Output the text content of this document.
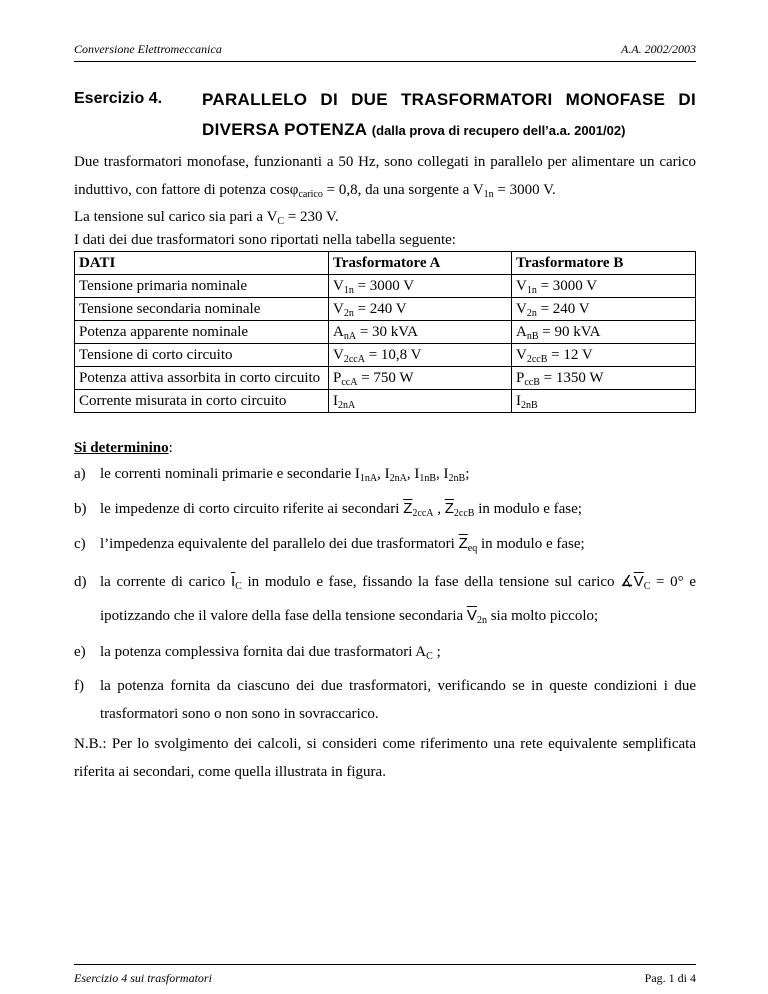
Conversione Elettromeccanica	A.A. 2002/2003
Esercizio 4. PARALLELO DI DUE TRASFORMATORI MONOFASE DI
DIVERSA POTENZA (dalla prova di recupero dell’a.a. 2001/02)
Due trasformatori monofase, funzionanti a 50 Hz, sono collegati in parallelo per alimentare un carico induttivo, con fattore di potenza cosφ$_{carico}$ = 0,8, da una sorgente a $V_{1n} = 3000$ V.
La tensione sul carico sia pari a $V_C = 230$ V.
I dati dei due trasformatori sono riportati nella tabella seguente:
DATI	Trasformatore A	Trasformatore B
Tensione primaria nominale	$V_{1n} = 3000$ V	$V_{1n} = 3000$ V
Tensione secondaria nominale	$V_{2n} = 240$ V	$V_{2n} = 240$ V
Potenza apparente nominale	$A_{nA} = 30$ kVA	$A_{nB} = 90$ kVA
Tensione di corto circuito	$V_{2ccA} = 10,8$ V	$V_{2ccB} = 12$ V
Potenza attiva assorbita in corto circuito	$P_{ccA} = 750$ W	$P_{ccB} = 1350$ W
Corrente misurata in corto circuito	$I_{2nA}$	$I_{2nB}$
Si determinino:
a) le correnti nominali primarie e secondarie $I_{1nA}$, $I_{2nA}$, $I_{1nB}$, $I_{2nB}$;
b) le impedenze di corto circuito riferite ai secondari $\overline{Z}_{2ccA}$ , $\overline{Z}_{2ccB}$ in modulo e fase;
c) l’impedenza equivalente del parallelo dei due trasformatori $\overline{Z}_{eq}$ in modulo e fase;
d) la corrente di carico $\overline{I}_C$ in modulo e fase, fissando la fase della tensione sul carico $∡\overline{V}_C = 0^\circ$ e ipotizzando che il valore della fase della tensione secondaria $\overline{V}_{2n}$ sia molto piccolo;
e) la potenza complessiva fornita dai due trasformatori $A_C$ ;
f) la potenza fornita da ciascuno dei due trasformatori, verificando se in queste condizioni i due trasformatori sono o non sono in sovraccarico.
N.B.: Per lo svolgimento dei calcoli, si consideri come riferimento una rete equivalente semplificata riferita ai secondari, come quella illustrata in figura.
Esercizio 4 sui trasformatori	Pag. 1 di 4
